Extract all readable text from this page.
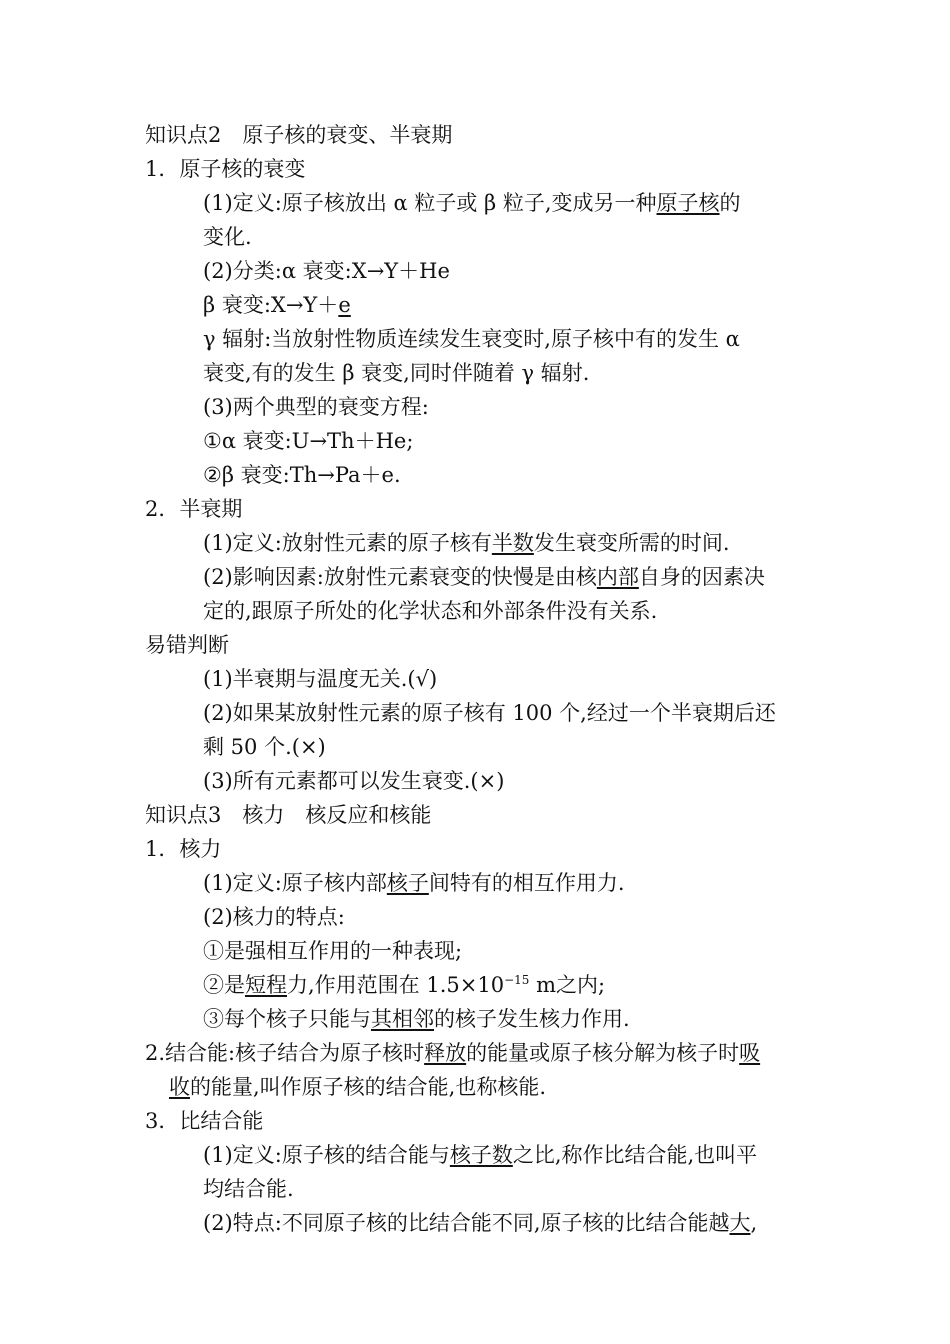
知识点2　原子核的衰变、半衰期
1．原子核的衰变
(1)定义:原子核放出 α 粒子或 β 粒子,变成另一种原子核的
变化.
(2)分类:α 衰变:X→Y＋He
β 衰变:X→Y＋e
γ 辐射:当放射性物质连续发生衰变时,原子核中有的发生 α
衰变,有的发生 β 衰变,同时伴随着 γ 辐射.
(3)两个典型的衰变方程:
①α 衰变:U→Th＋He;
②β 衰变:Th→Pa＋e.
2．半衰期
(1)定义:放射性元素的原子核有半数发生衰变所需的时间.
(2)影响因素:放射性元素衰变的快慢是由核内部自身的因素决
定的,跟原子所处的化学状态和外部条件没有关系.
易错判断
(1)半衰期与温度无关.(√)
(2)如果某放射性元素的原子核有 100 个,经过一个半衰期后还
剩 50 个.(×)
(3)所有元素都可以发生衰变.(×)
知识点3　核力　核反应和核能
1．核力
(1)定义:原子核内部核子间特有的相互作用力.
(2)核力的特点:
①是强相互作用的一种表现;
②是短程力,作用范围在 $1.5\times 10^{-15}$ m之内;
③每个核子只能与其相邻的核子发生核力作用.
2.结合能:核子结合为原子核时释放的能量或原子核分解为核子时吸
收的能量,叫作原子核的结合能,也称核能.
3．比结合能
(1)定义:原子核的结合能与核子数之比,称作比结合能,也叫平
均结合能.
(2)特点:不同原子核的比结合能不同,原子核的比结合能越大,
